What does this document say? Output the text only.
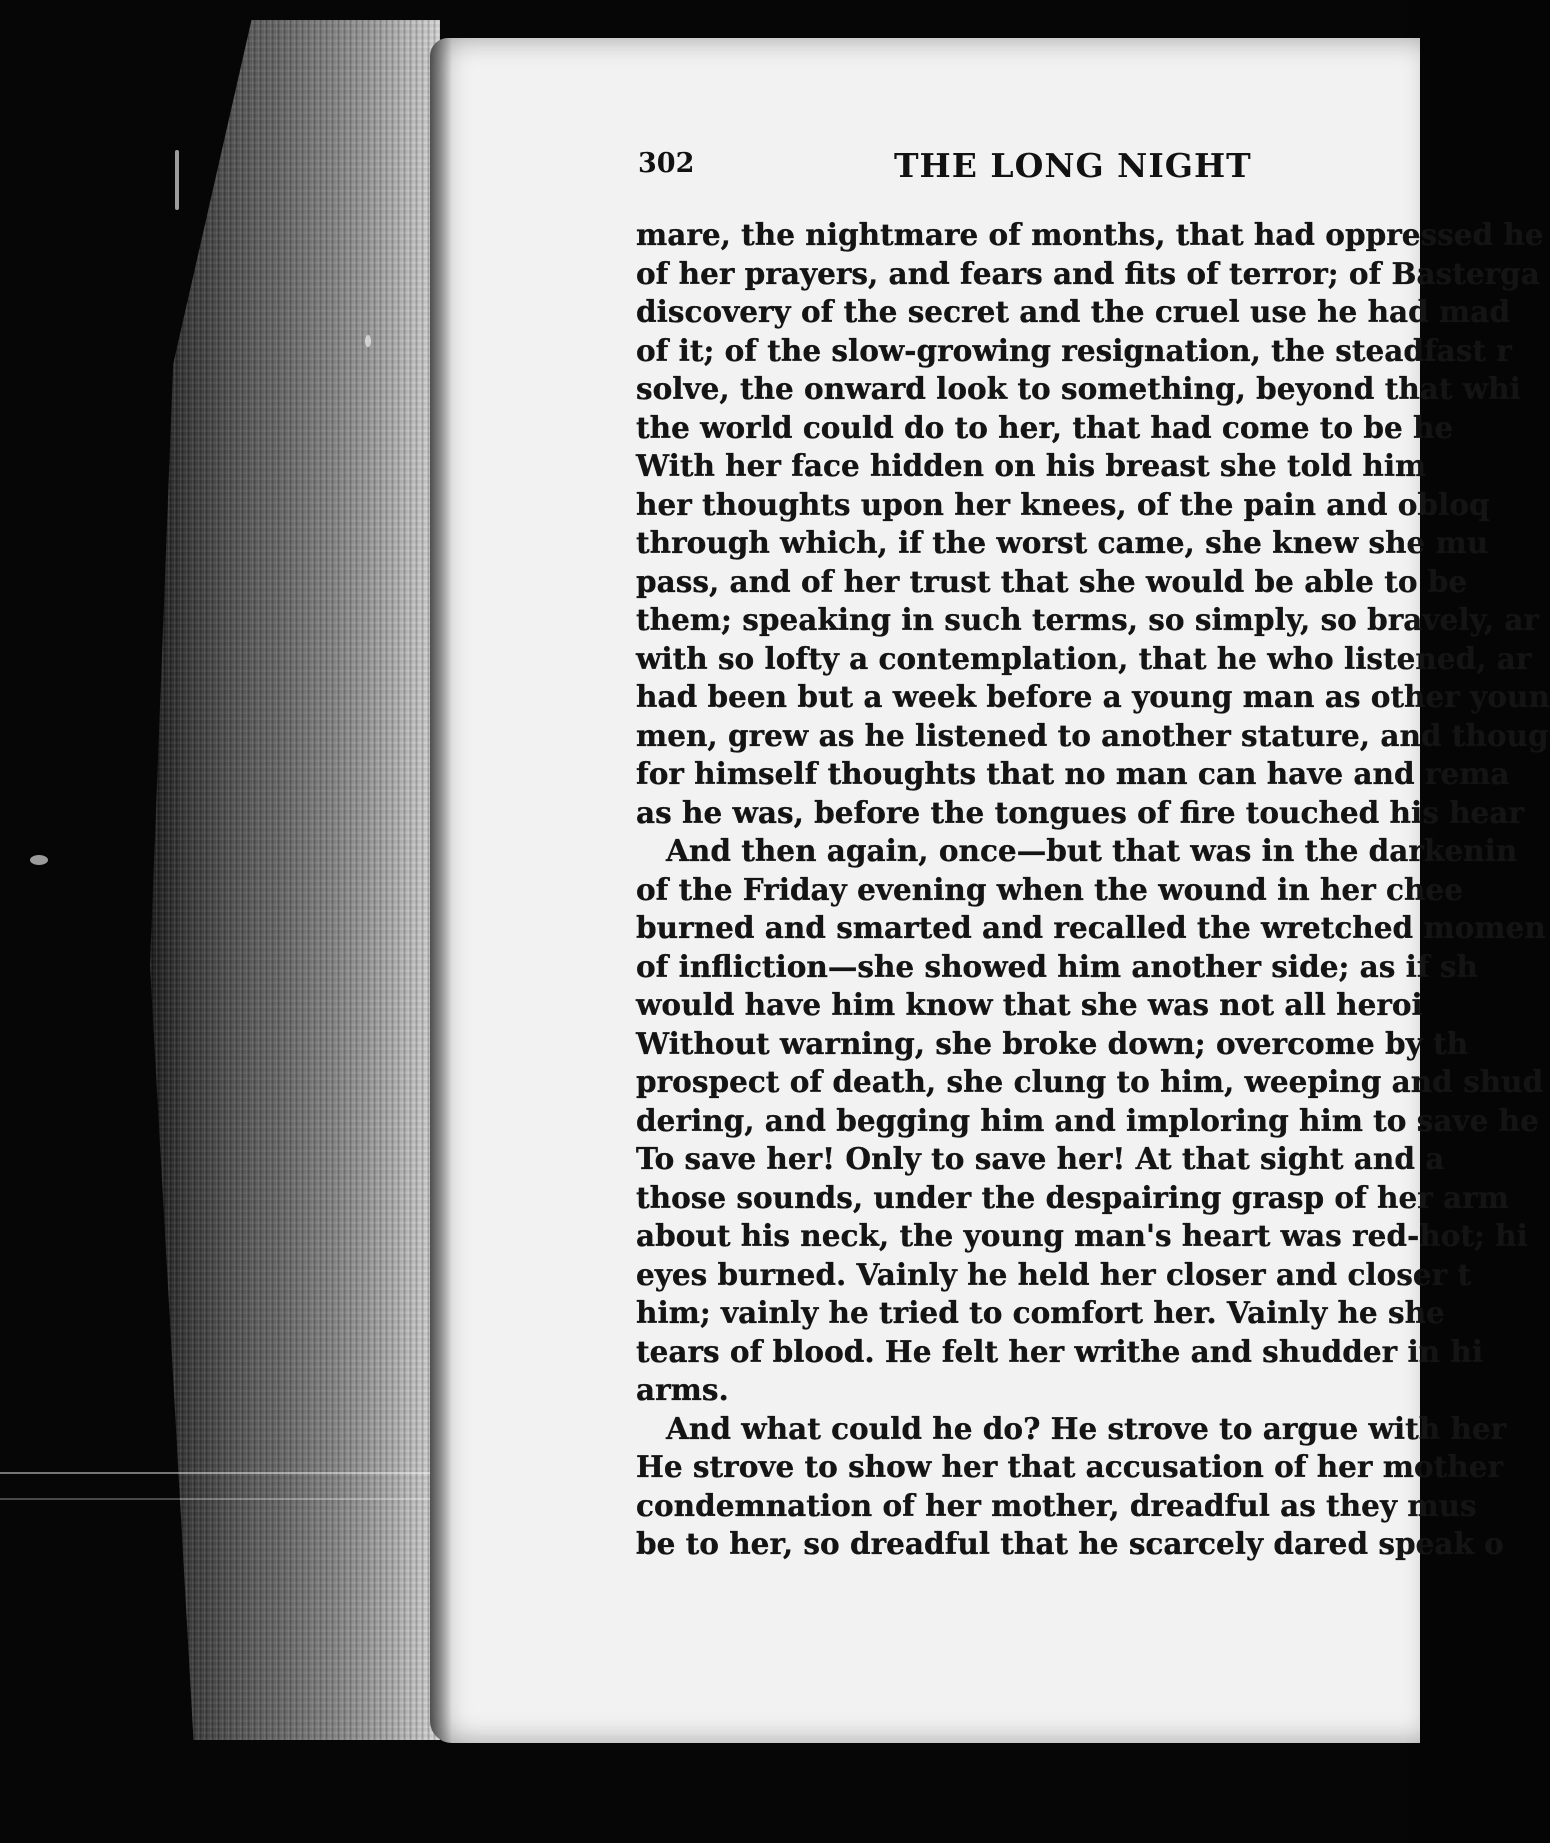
302	THE LONG NIGHT
mare, the nightmare of months, that had oppressed he
of her prayers, and fears and fits of terror; of Basterga
discovery of the secret and the cruel use he had mad
of it; of the slow-growing resignation, the steadfast r
solve, the onward look to something, beyond that whi
the world could do to her, that had come to be he
With her face hidden on his breast she told him
her thoughts upon her knees, of the pain and obloq
through which, if the worst came, she knew she mu
pass, and of her trust that she would be able to be
them; speaking in such terms, so simply, so bravely, ar
with so lofty a contemplation, that he who listened, ar
had been but a week before a young man as other youn
men, grew as he listened to another stature, and thoug
for himself thoughts that no man can have and rema
as he was, before the tongues of fire touched his hear
And then again, once—but that was in the darkenin
of the Friday evening when the wound in her chee
burned and smarted and recalled the wretched momen
of infliction—she showed him another side; as if sh
would have him know that she was not all heroi
Without warning, she broke down; overcome by th
prospect of death, she clung to him, weeping and shud
dering, and begging him and imploring him to save he
To save her! Only to save her! At that sight and a
those sounds, under the despairing grasp of her arm
about his neck, the young man's heart was red-hot; hi
eyes burned. Vainly he held her closer and closer t
him; vainly he tried to comfort her. Vainly he she
tears of blood. He felt her writhe and shudder in hi
arms.
And what could he do? He strove to argue with her
He strove to show her that accusation of her mother
condemnation of her mother, dreadful as they mus
be to her, so dreadful that he scarcely dared speak o
